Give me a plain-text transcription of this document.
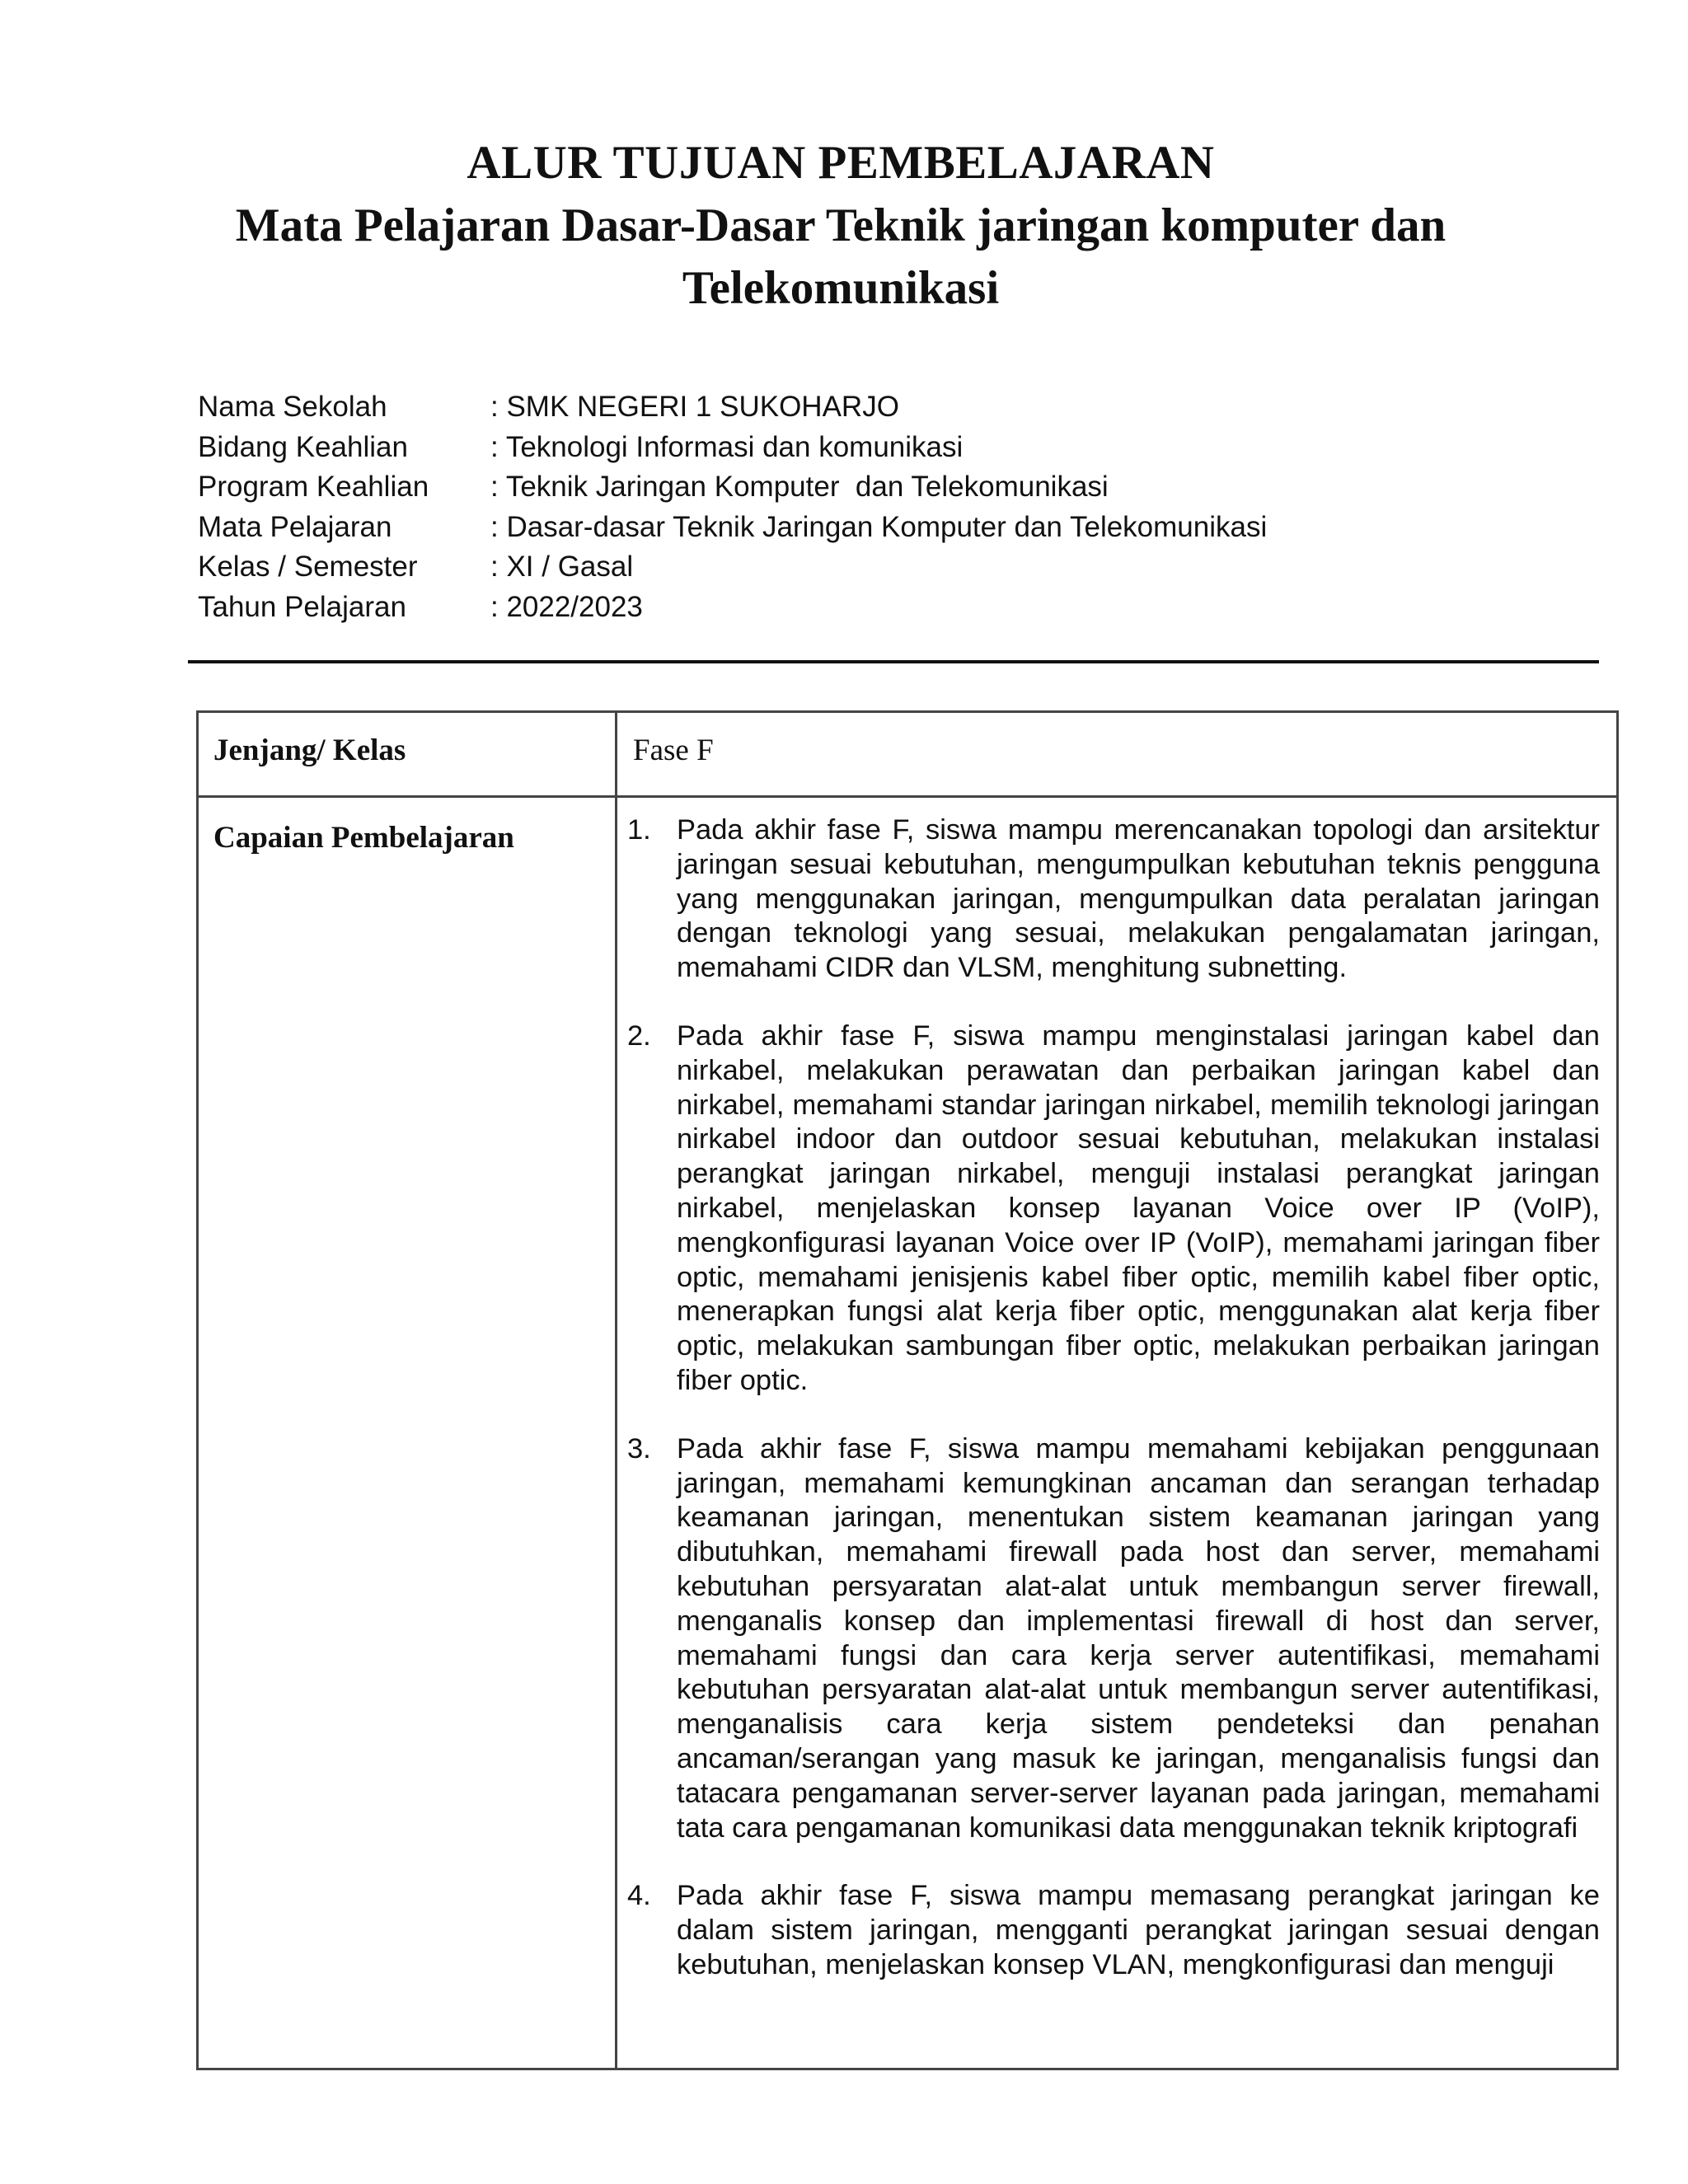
ALUR TUJUAN PEMBELAJARAN
Mata Pelajaran Dasar-Dasar Teknik jaringan komputer dan
Telekomunikasi
Nama Sekolah	: SMK NEGERI 1 SUKOHARJO
Bidang Keahlian	: Teknologi Informasi dan komunikasi
Program Keahlian	: Teknik Jaringan Komputer  dan Telekomunikasi
Mata Pelajaran	: Dasar-dasar Teknik Jaringan Komputer dan Telekomunikasi
Kelas / Semester	: XI / Gasal
Tahun Pelajaran	: 2022/2023
Jenjang/ Kelas	Fase F
Capaian Pembelajaran	1. Pada akhir fase F, siswa mampu merencanakan topologi dan arsitektur jaringan sesuai kebutuhan, mengumpulkan kebutuhan teknis pengguna yang menggunakan jaringan, mengumpulkan data peralatan jaringan dengan teknologi yang sesuai, melakukan pengalamatan jaringan, memahami CIDR dan VLSM, menghitung subnetting.
2. Pada akhir fase F, siswa mampu menginstalasi jaringan kabel dan nirkabel, melakukan perawatan dan perbaikan jaringan kabel dan nirkabel, memahami standar jaringan nirkabel, memilih teknologi jaringan nirkabel indoor dan outdoor sesuai kebutuhan, melakukan instalasi perangkat jaringan nirkabel, menguji instalasi perangkat jaringan nirkabel, menjelaskan konsep layanan Voice over IP (VoIP), mengkonfigurasi layanan Voice over IP (VoIP), memahami jaringan fiber optic, memahami jenisjenis kabel fiber optic, memilih kabel fiber optic, menerapkan fungsi alat kerja fiber optic, menggunakan alat kerja fiber optic, melakukan sambungan fiber optic, melakukan perbaikan jaringan fiber optic.
3. Pada akhir fase F, siswa mampu memahami kebijakan penggunaan jaringan, memahami kemungkinan ancaman dan serangan terhadap keamanan jaringan, menentukan sistem keamanan jaringan yang dibutuhkan, memahami firewall pada host dan server, memahami kebutuhan persyaratan alat-alat untuk membangun server firewall, menganalis konsep dan implementasi firewall di host dan server, memahami fungsi dan cara kerja server autentifikasi, memahami kebutuhan persyaratan alat-alat untuk membangun server autentifikasi, menganalisis cara kerja sistem pendeteksi dan penahan ancaman/serangan yang masuk ke jaringan, menganalisis fungsi dan tatacara pengamanan server-server layanan pada jaringan, memahami tata cara pengamanan komunikasi data menggunakan teknik kriptografi
4. Pada akhir fase F, siswa mampu memasang perangkat jaringan ke dalam sistem jaringan, mengganti perangkat jaringan sesuai dengan kebutuhan, menjelaskan konsep VLAN, mengkonfigurasi dan menguji
